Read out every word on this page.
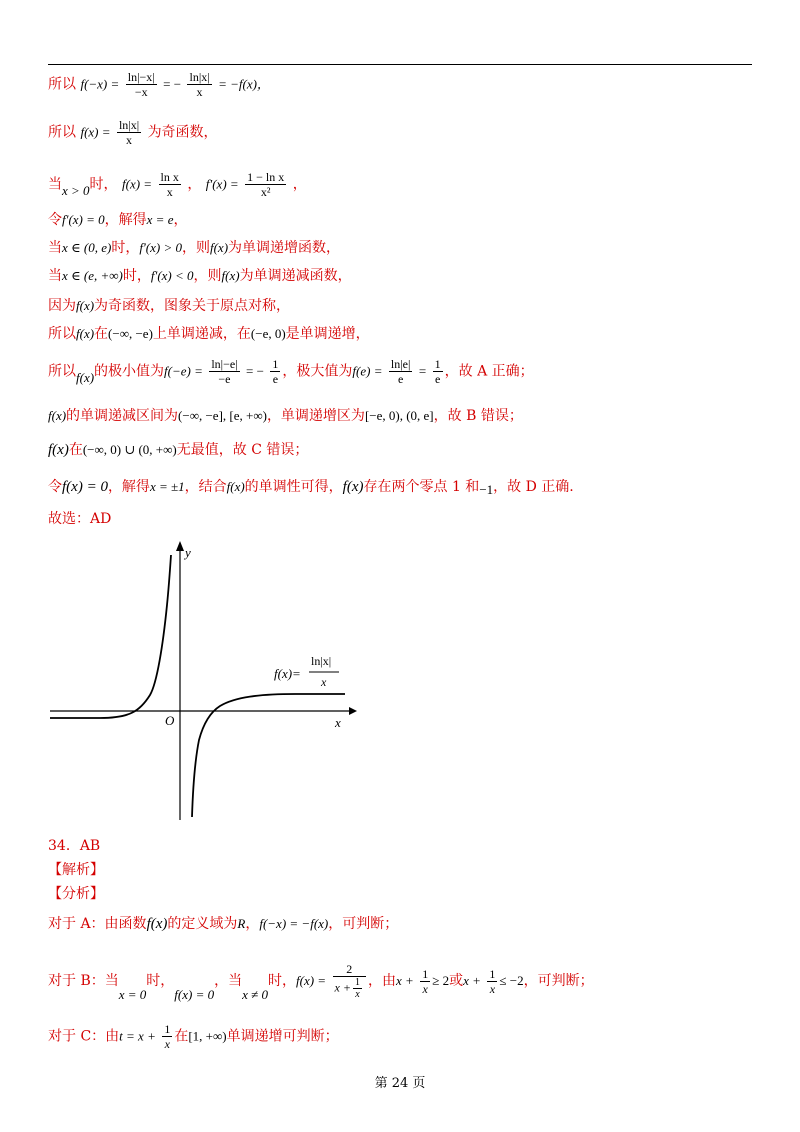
所以 $f(-x) = \frac{\ln|-x|}{-x}$ = − $\frac{\ln|x|}{x} = -f(x)$，
所以 $f(x) = \frac{\ln|x|}{x}$ 为奇函数，
当x > 0时， $f(x) = \frac{\text{ln x}}{x}$ ， $f'(x) = \frac{\text{1 − ln x}}{\text{x²}}$ ，
令f′(x) = 0，解得x = e，
当x ∈ (0, e)时，f′(x) > 0，则f(x)为单调递增函数，
当x ∈ (e, +∞)时，f′(x) < 0，则f(x)为单调递减函数，
因为f(x)为奇函数，图象关于原点对称，
所以f(x)在(−∞, −e)上单调递减，在(−e, 0)是单调递增，
所以f(x)的极小值为$f(-e) = \frac{\ln|-e|}{-e}$ = − $\frac{1}{e}$ ，极大值为$f(e) = \frac{\ln|e|}{e} = \frac{1}{e}$ ，故 A 正确；
f(x)的单调递减区间为(−∞, −e], [e, +∞)，单调递增区为[−e, 0), (0, e]，故 B 错误；
f(x)在(−∞, 0) ∪ (0, +∞)无最值，故 C 错误；
令f(x) = 0，解得x = ±1，结合f(x)的单调性可得，f(x)存在两个零点 1 和−1，故 D 正确.
故选：AD
y
x
O
f(x)=
ln|x|
x
34．AB
【解析】
【分析】
对于 A：由函数f(x)的定义域为R，f(−x) = −f(x)，可判断；
对于 B：当x = 0时，f(x) = 0，当x ≠ 0时，$f(x) = \frac{2}{x + \frac{1}{x}}$ ，由$x + \frac{1}{x} \ge 2$或$x + \frac{1}{x} \le -2$，可判断；
对于 C：由$t = x + \frac{1}{x}$ 在[1, +∞)单调递增可判断；
第 24 页
